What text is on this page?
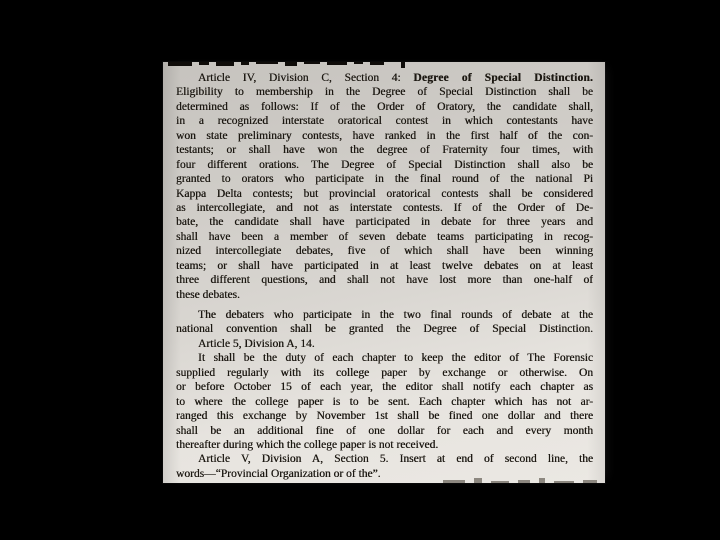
Article IV, Division C, Section 4: Degree of Special Distinction.
Eligibility to membership in the Degree of Special Distinction shall be
determined as follows: If of the Order of Oratory, the candidate shall,
in a recognized interstate oratorical contest in which contestants have
won state preliminary contests, have ranked in the first half of the con-
testants; or shall have won the degree of Fraternity four times, with
four different orations. The Degree of Special Distinction shall also be
granted to orators who participate in the final round of the national Pi
Kappa Delta contests; but provincial oratorical contests shall be considered
as intercollegiate, and not as interstate contests. If of the Order of De-
bate, the candidate shall have participated in debate for three years and
shall have been a member of seven debate teams participating in recog-
nized intercollegiate debates, five of which shall have been winning
teams; or shall have participated in at least twelve debates on at least
three different questions, and shall not have lost more than one-half of
these debates.
The debaters who participate in the two final rounds of debate at the
national convention shall be granted the Degree of Special Distinction.
Article 5, Division A, 14.
It shall be the duty of each chapter to keep the editor of The Forensic
supplied regularly with its college paper by exchange or otherwise. On
or before October 15 of each year, the editor shall notify each chapter as
to where the college paper is to be sent. Each chapter which has not ar-
ranged this exchange by November 1st shall be fined one dollar and there
shall be an additional fine of one dollar for each and every month
thereafter during which the college paper is not received.
Article V, Division A, Section 5. Insert at end of second line, the
words—“Provincial Organization or of the”.
